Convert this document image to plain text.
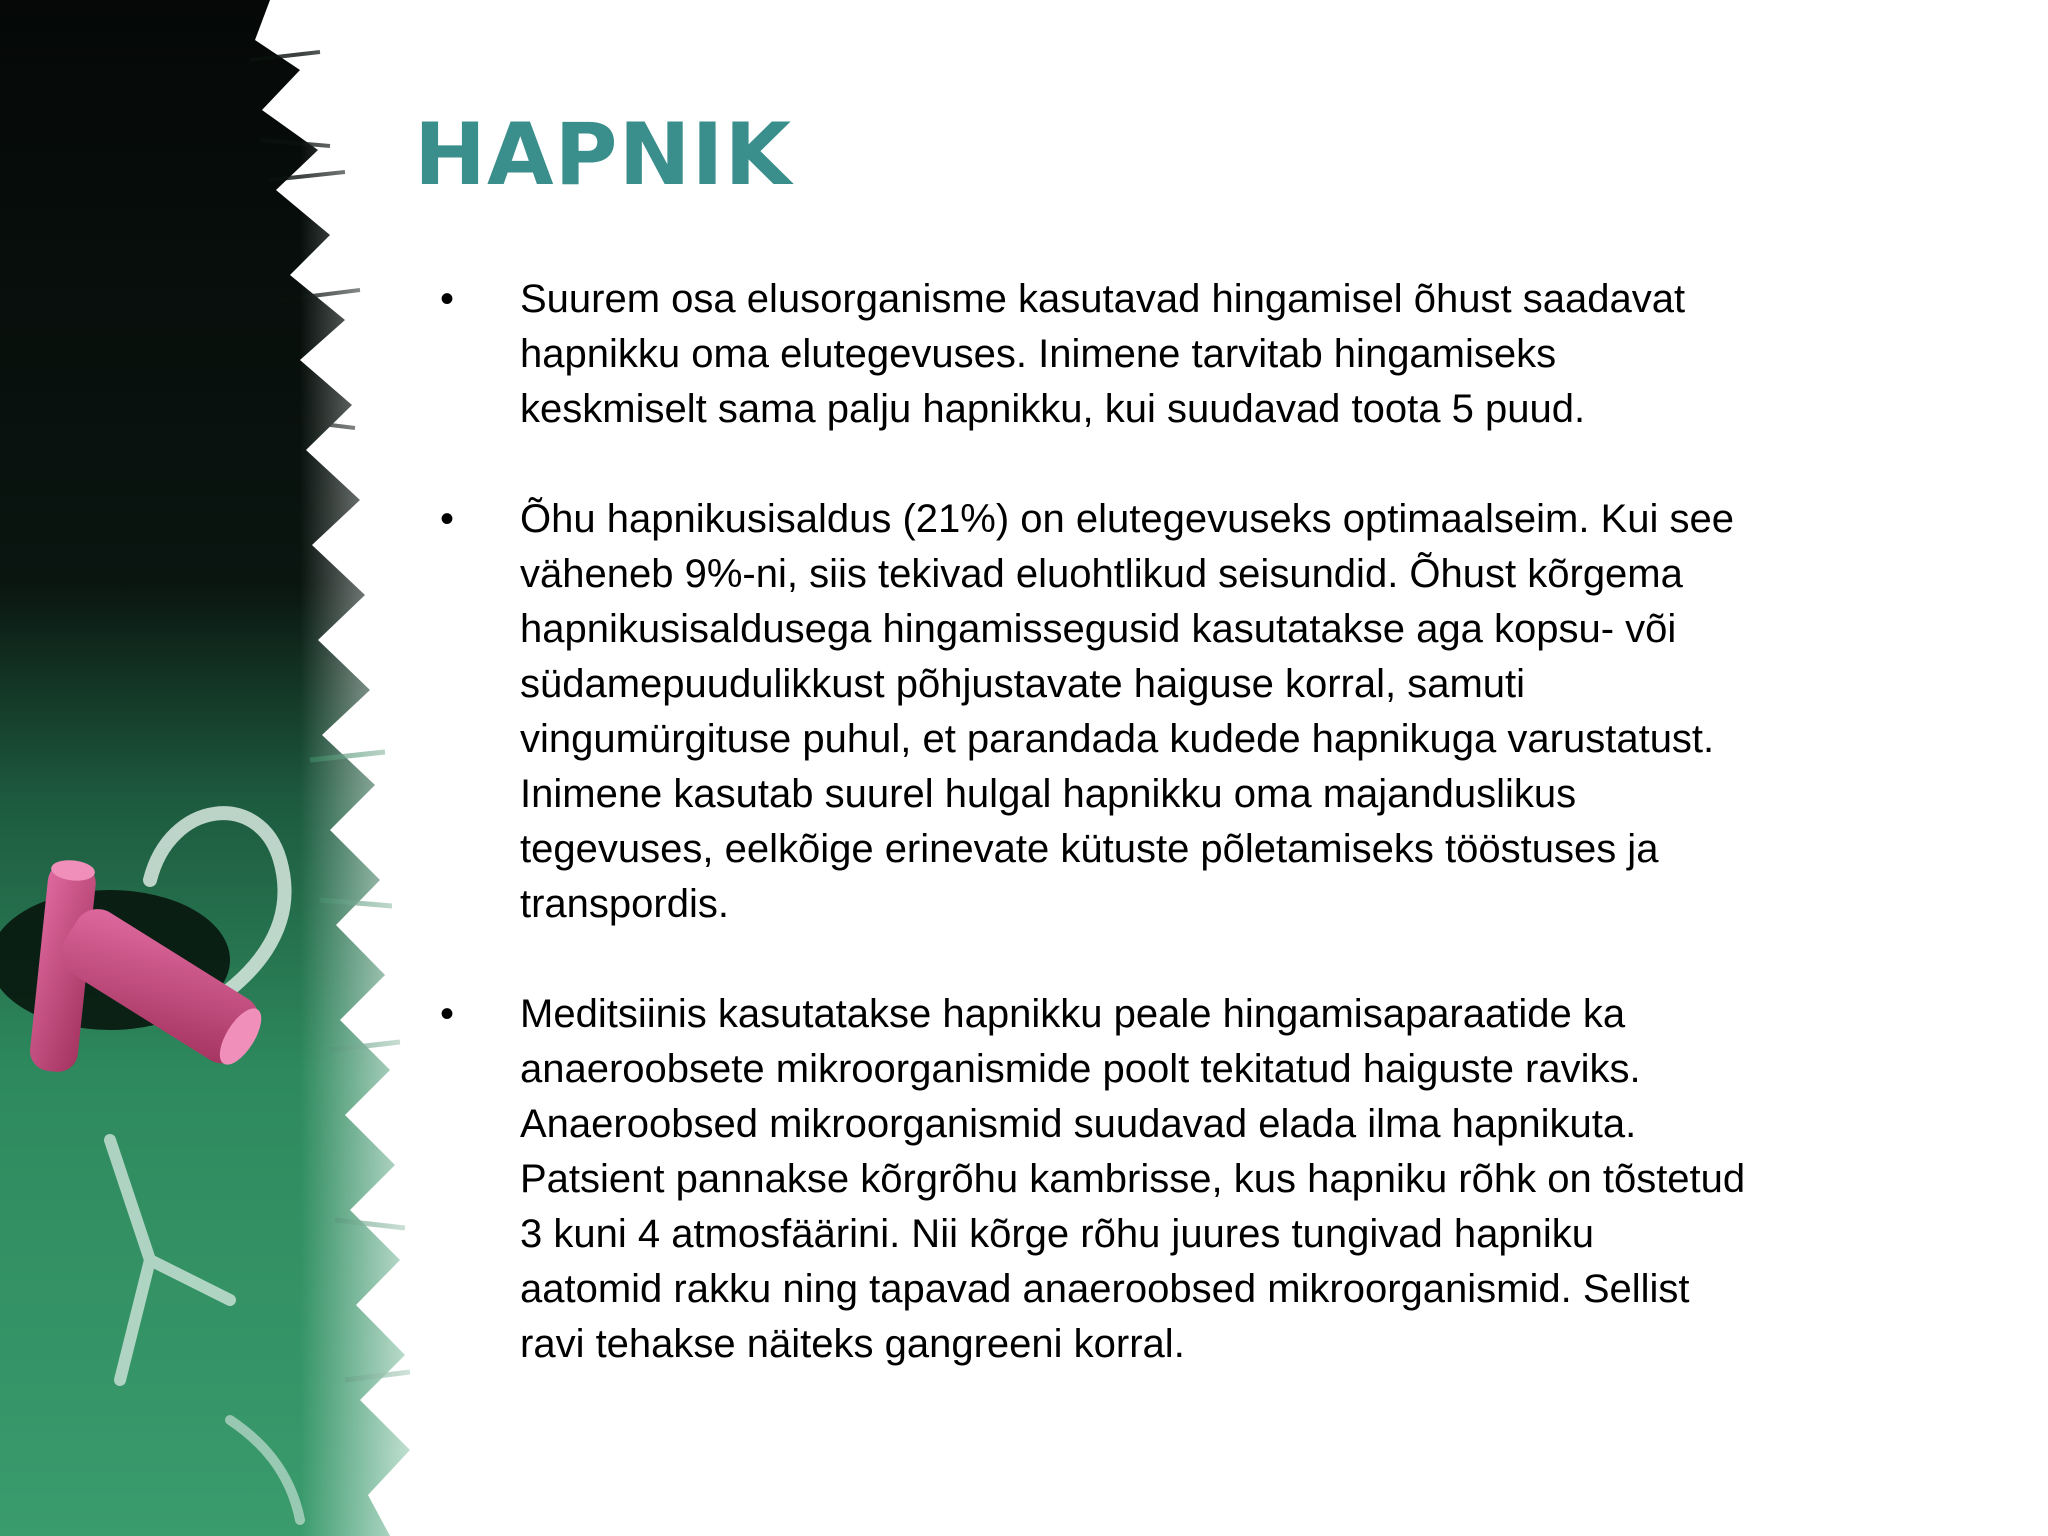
HAPNIK
• Suurem osa elusorganisme kasutavad hingamisel õhust saadavat
hapnikku oma elutegevuses. Inimene tarvitab hingamiseks
keskmiselt sama palju hapnikku, kui suudavad toota 5 puud.
• Õhu hapnikusisaldus (21%) on elutegevuseks optimaalseim. Kui see
väheneb 9%-ni, siis tekivad eluohtlikud seisundid. Õhust kõrgema
hapnikusisaldusega hingamissegusid kasutatakse aga kopsu- või
südamepuudulikkust põhjustavate haiguse korral, samuti
vingumürgituse puhul, et parandada kudede hapnikuga varustatust.
Inimene kasutab suurel hulgal hapnikku oma majanduslikus
tegevuses, eelkõige erinevate kütuste põletamiseks tööstuses ja
transpordis.
• Meditsiinis kasutatakse hapnikku peale hingamisaparaatide ka
anaeroobsete mikroorganismide poolt tekitatud haiguste raviks.
Anaeroobsed mikroorganismid suudavad elada ilma hapnikuta.
Patsient pannakse kõrgrõhu kambrisse, kus hapniku rõhk on tõstetud
3 kuni 4 atmosfäärini. Nii kõrge rõhu juures tungivad hapniku
aatomid rakku ning tapavad anaeroobsed mikroorganismid. Sellist
ravi tehakse näiteks gangreeni korral.
